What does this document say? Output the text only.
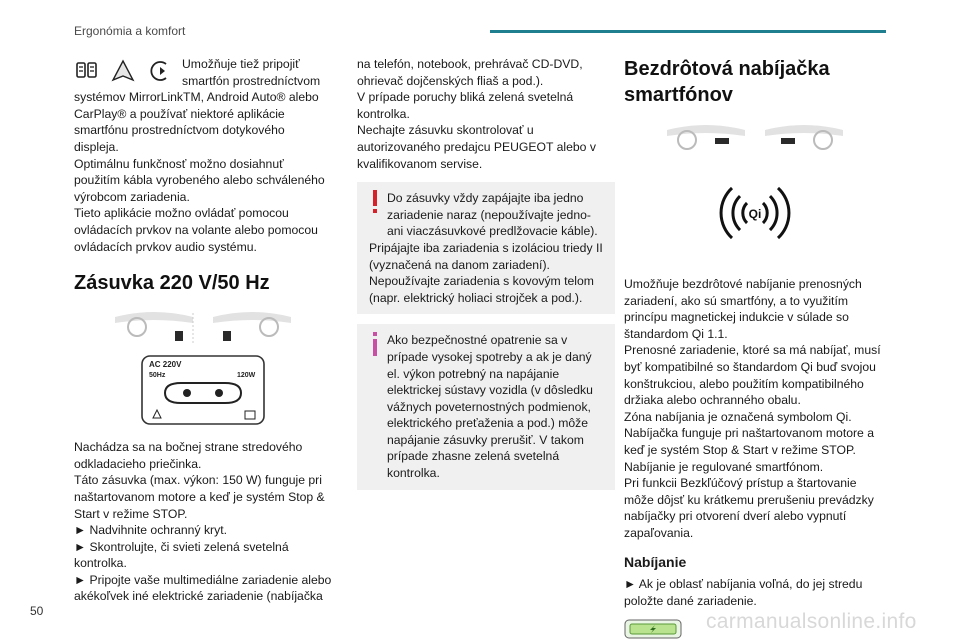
Ergonómia a komfort

Umožňuje tiež pripojiť

smartfón prostredníctvom

systémov MirrorLinkTM, Android Auto® alebo CarPlay® a používať niektoré aplikácie smartfónu prostredníctvom dotykového displeja.

Optimálnu funkčnosť možno dosiahnuť použitím kábla vyrobeného alebo schváleného výrobcom zariadenia.

Tieto aplikácie možno ovládať pomocou ovládacích prvkov na volante alebo pomocou ovládacích prvkov audio systému.

Zásuvka 220 V/50 Hz
AC 220V
50Hz	120W

Nachádza sa na bočnej strane stredového odkladacieho priečinka.

Táto zásuvka (max. výkon: 150 W) funguje pri naštartovanom motore a keď je systém Stop & Start v režime STOP.

► Nadvihnite ochranný kryt.

► Skontrolujte, či svieti zelená svetelná kontrolka.

► Pripojte vaše multimediálne zariadenie alebo akékoľvek iné elektrické zariadenie (nabíjačka

na telefón, notebook, prehrávač CD-DVD, ohrievač dojčenských fliaš a pod.).

V prípade poruchy bliká zelená svetelná kontrolka.

Nechajte zásuvku skontrolovať u autorizovaného predajcu PEUGEOT alebo v kvalifikovanom servise.

Do zásuvky vždy zapájajte iba jedno zariadenie naraz (nepoužívajte jedno- ani viaczásuvkové predlžovacie káble).

Pripájajte iba zariadenia s izoláciou triedy II (vyznačená na danom zariadení).

Nepoužívajte zariadenia s kovovým telom (napr. elektrický holiaci strojček a pod.).

Ako bezpečnostné opatrenie sa v prípade vysokej spotreby a ak je daný el. výkon potrebný na napájanie elektrickej sústavy vozidla (v dôsledku vážnych poveternostných podmienok, elektrického preťaženia a pod.) môže napájanie zásuvky prerušiť. V takom prípade zhasne zelená svetelná kontrolka.

Bezdrôtová nabíjačka smartfónov
Qi

Umožňuje bezdrôtové nabíjanie prenosných zariadení, ako sú smartfóny, a to využitím princípu magnetickej indukcie v súlade so štandardom Qi 1.1.

Prenosné zariadenie, ktoré sa má nabíjať, musí byť kompatibilné so štandardom Qi buď svojou konštrukciou, alebo použitím kompatibilného držiaka alebo ochranného obalu.

Zóna nabíjania je označená symbolom Qi.

Nabíjačka funguje pri naštartovanom motore a keď je systém Stop & Start v režime STOP.

Nabíjanie je regulované smartfónom.

Pri funkcii Bezkľúčový prístup a štartovanie môže dôjsť ku krátkemu prerušeniu prevádzky nabíjačky pri otvorení dverí alebo vypnutí zapaľovania.

Nabíjanie

► Ak je oblasť nabíjania voľná, do jej stredu položte dané zariadenie.

50	carmanualsonline.info
